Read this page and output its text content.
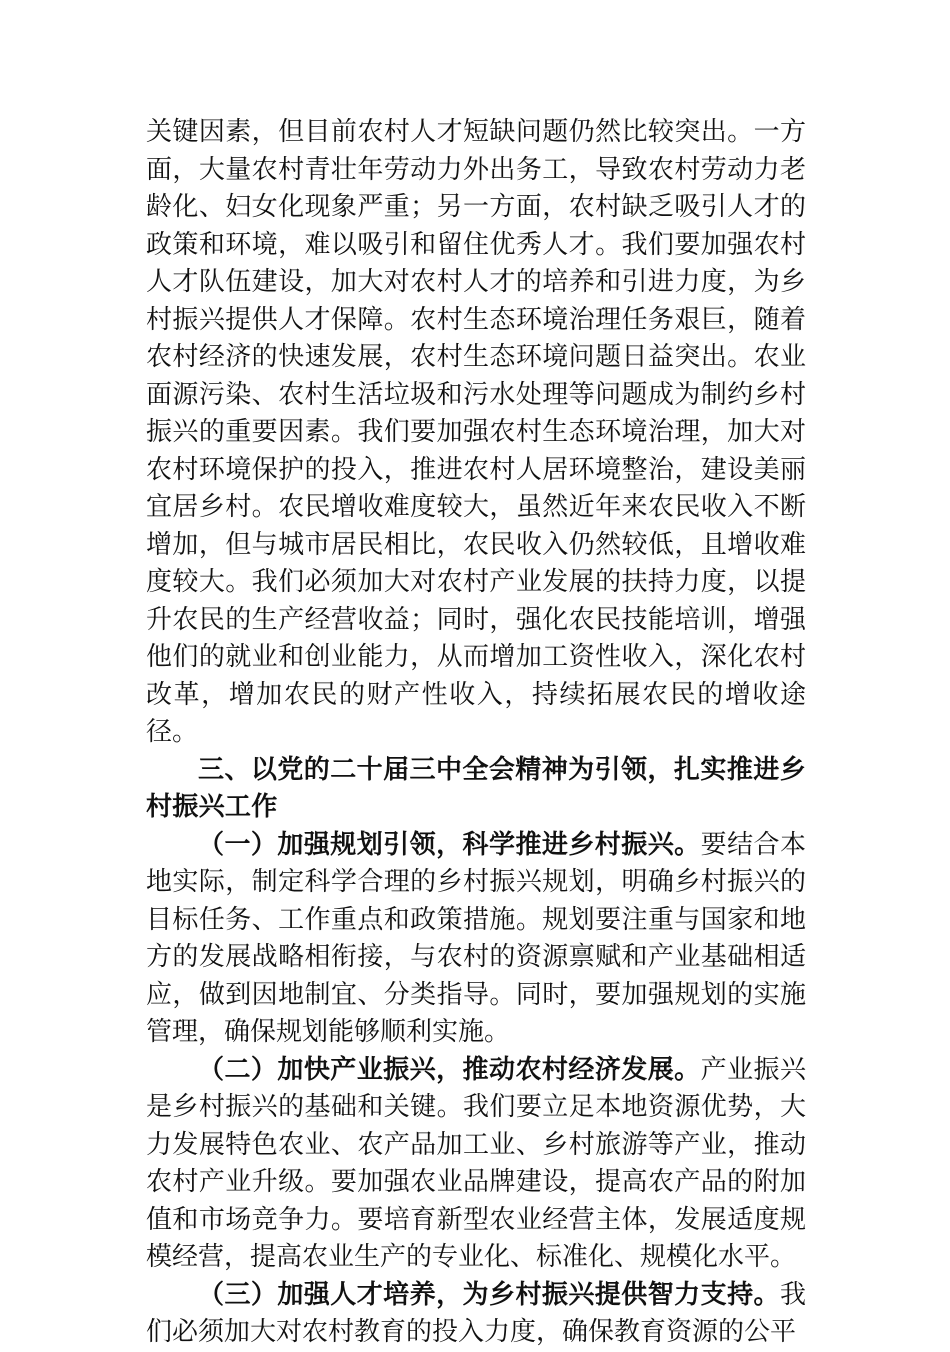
关键因素，但目前农村人才短缺问题仍然比较突出。一方面，大量农村青壮年劳动力外出务工，导致农村劳动力老龄化、妇女化现象严重；另一方面，农村缺乏吸引人才的政策和环境，难以吸引和留住优秀人才。我们要加强农村人才队伍建设，加大对农村人才的培养和引进力度，为乡村振兴提供人才保障。农村生态环境治理任务艰巨，随着农村经济的快速发展，农村生态环境问题日益突出。农业面源污染、农村生活垃圾和污水处理等问题成为制约乡村振兴的重要因素。我们要加强农村生态环境治理，加大对农村环境保护的投入，推进农村人居环境整治，建设美丽宜居乡村。农民增收难度较大，虽然近年来农民收入不断增加，但与城市居民相比，农民收入仍然较低，且增收难度较大。我们必须加大对农村产业发展的扶持力度，以提升农民的生产经营收益；同时，强化农民技能培训，增强他们的就业和创业能力，从而增加工资性收入，深化农村改革，增加农民的财产性收入，持续拓展农民的增收途径。

三、以党的二十届三中全会精神为引领，扎实推进乡村振兴工作

（一）加强规划引领，科学推进乡村振兴。要结合本地实际，制定科学合理的乡村振兴规划，明确乡村振兴的目标任务、工作重点和政策措施。规划要注重与国家和地方的发展战略相衔接，与农村的资源禀赋和产业基础相适应，做到因地制宜、分类指导。同时，要加强规划的实施管理，确保规划能够顺利实施。

（二）加快产业振兴，推动农村经济发展。产业振兴是乡村振兴的基础和关键。我们要立足本地资源优势，大力发展特色农业、农产品加工业、乡村旅游等产业，推动农村产业升级。要加强农业品牌建设，提高农产品的附加值和市场竞争力。要培育新型农业经营主体，发展适度规模经营，提高农业生产的专业化、标准化、规模化水平。

（三）加强人才培养，为乡村振兴提供智力支持。我们必须加大对农村教育的投入力度，确保教育资源的公平
